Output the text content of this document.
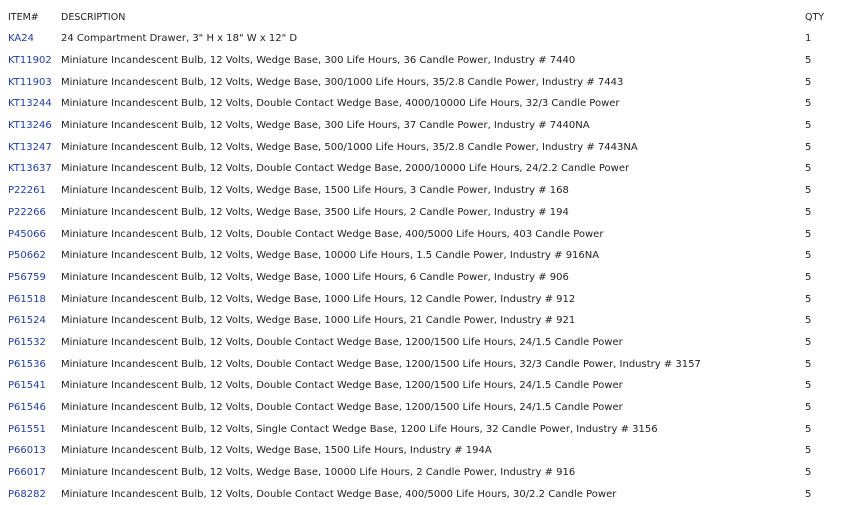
ITEM#	DESCRIPTION	QTY
KA24	24 Compartment Drawer, 3" H x 18" W x 12" D	1
KT11902	Miniature Incandescent Bulb, 12 Volts, Wedge Base, 300 Life Hours, 36 Candle Power, Industry # 7440	5
KT11903	Miniature Incandescent Bulb, 12 Volts, Wedge Base, 300/1000 Life Hours, 35/2.8 Candle Power, Industry # 7443	5
KT13244	Miniature Incandescent Bulb, 12 Volts, Double Contact Wedge Base, 4000/10000 Life Hours, 32/3 Candle Power	5
KT13246	Miniature Incandescent Bulb, 12 Volts, Wedge Base, 300 Life Hours, 37 Candle Power, Industry # 7440NA	5
KT13247	Miniature Incandescent Bulb, 12 Volts, Wedge Base, 500/1000 Life Hours, 35/2.8 Candle Power, Industry # 7443NA	5
KT13637	Miniature Incandescent Bulb, 12 Volts, Double Contact Wedge Base, 2000/10000 Life Hours, 24/2.2 Candle Power	5
P22261	Miniature Incandescent Bulb, 12 Volts, Wedge Base, 1500 Life Hours, 3 Candle Power, Industry # 168	5
P22266	Miniature Incandescent Bulb, 12 Volts, Wedge Base, 3500 Life Hours, 2 Candle Power, Industry # 194	5
P45066	Miniature Incandescent Bulb, 12 Volts, Double Contact Wedge Base, 400/5000 Life Hours, 403 Candle Power	5
P50662	Miniature Incandescent Bulb, 12 Volts, Wedge Base, 10000 Life Hours, 1.5 Candle Power, Industry # 916NA	5
P56759	Miniature Incandescent Bulb, 12 Volts, Wedge Base, 1000 Life Hours, 6 Candle Power, Industry # 906	5
P61518	Miniature Incandescent Bulb, 12 Volts, Wedge Base, 1000 Life Hours, 12 Candle Power, Industry # 912	5
P61524	Miniature Incandescent Bulb, 12 Volts, Wedge Base, 1000 Life Hours, 21 Candle Power, Industry # 921	5
P61532	Miniature Incandescent Bulb, 12 Volts, Double Contact Wedge Base, 1200/1500 Life Hours, 24/1.5 Candle Power	5
P61536	Miniature Incandescent Bulb, 12 Volts, Double Contact Wedge Base, 1200/1500 Life Hours, 32/3 Candle Power, Industry # 3157	5
P61541	Miniature Incandescent Bulb, 12 Volts, Double Contact Wedge Base, 1200/1500 Life Hours, 24/1.5 Candle Power	5
P61546	Miniature Incandescent Bulb, 12 Volts, Double Contact Wedge Base, 1200/1500 Life Hours, 24/1.5 Candle Power	5
P61551	Miniature Incandescent Bulb, 12 Volts, Single Contact Wedge Base, 1200 Life Hours, 32 Candle Power, Industry # 3156	5
P66013	Miniature Incandescent Bulb, 12 Volts, Wedge Base, 1500 Life Hours, Industry # 194A	5
P66017	Miniature Incandescent Bulb, 12 Volts, Wedge Base, 10000 Life Hours, 2 Candle Power, Industry # 916	5
P68282	Miniature Incandescent Bulb, 12 Volts, Double Contact Wedge Base, 400/5000 Life Hours, 30/2.2 Candle Power	5
